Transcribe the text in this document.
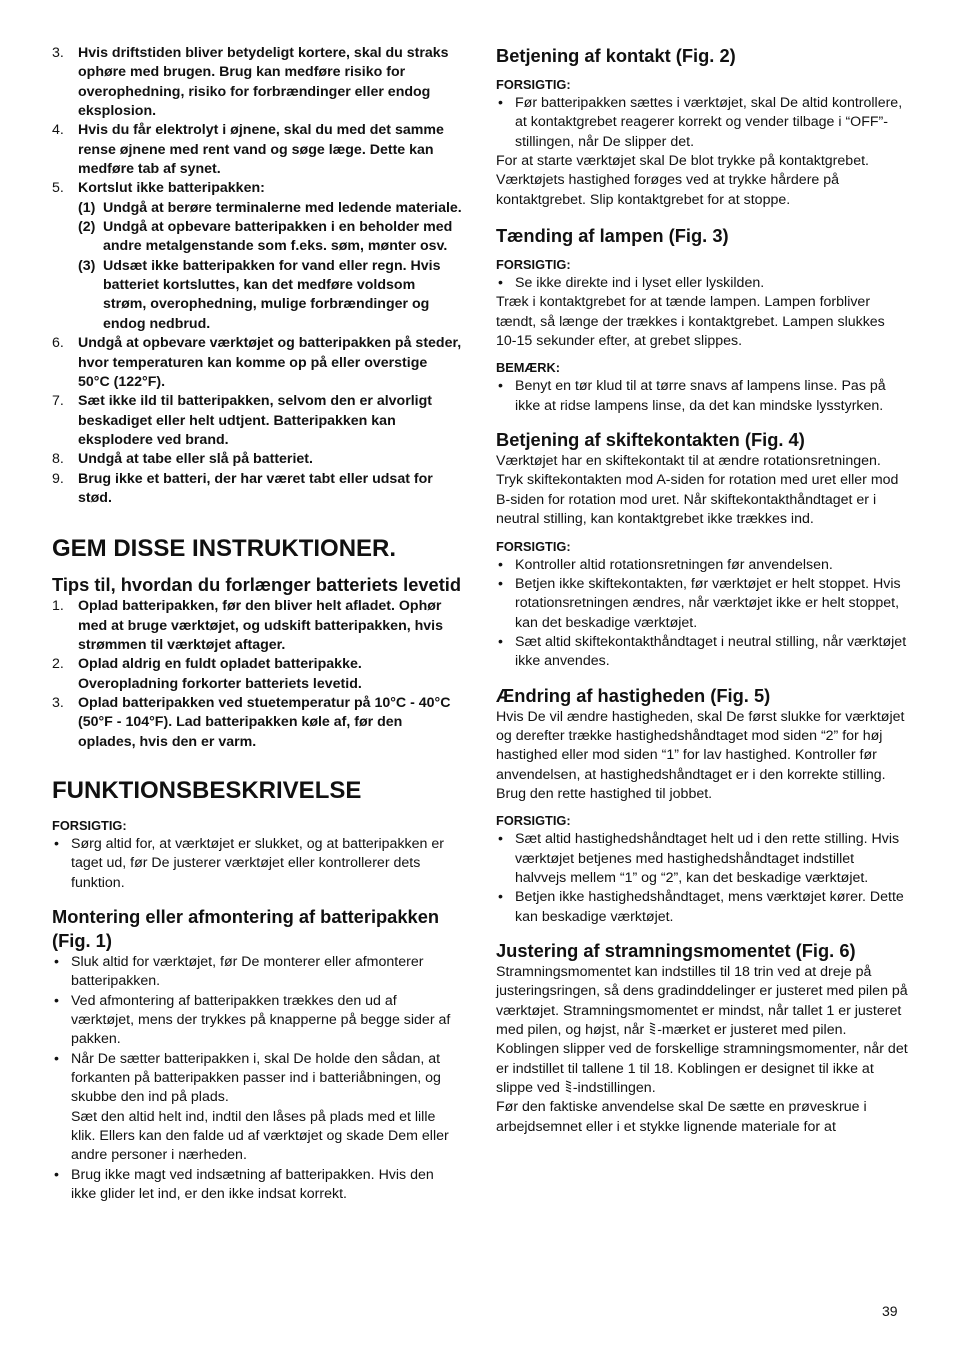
3. Hvis driftstiden bliver betydeligt kortere, skal du straks ophøre med brugen. Brug kan medføre risiko for overophedning, risiko for forbrændinger eller endog eksplosion.
4. Hvis du får elektrolyt i øjnene, skal du med det samme rense øjnene med rent vand og søge læge. Dette kan medføre tab af synet.
5. Kortslut ikke batteripakken:
(1) Undgå at berøre terminalerne med ledende materiale.
(2) Undgå at opbevare batteripakken i en beholder med andre metalgenstande som f.eks. søm, mønter osv.
(3) Udsæt ikke batteripakken for vand eller regn. Hvis batteriet kortsluttes, kan det medføre voldsom strøm, overophedning, mulige forbrændinger og endog nedbrud.
6. Undgå at opbevare værktøjet og batteripakken på steder, hvor temperaturen kan komme op på eller overstige 50°C (122°F).
7. Sæt ikke ild til batteripakken, selvom den er alvorligt beskadiget eller helt udtjent. Batteripakken kan eksplodere ved brand.
8. Undgå at tabe eller slå på batteriet.
9. Brug ikke et batteri, der har været tabt eller udsat for stød.
GEM DISSE INSTRUKTIONER.
Tips til, hvordan du forlænger batteriets levetid
1. Oplad batteripakken, før den bliver helt afladet. Ophør med at bruge værktøjet, og udskift batteripakken, hvis strømmen til værktøjet aftager.
2. Oplad aldrig en fuldt opladet batteripakke. Overopladning forkorter batteriets levetid.
3. Oplad batteripakken ved stuetemperatur på 10°C - 40°C (50°F - 104°F). Lad batteripakken køle af, før den oplades, hvis den er varm.
FUNKTIONSBESKRIVELSE

FORSIGTIG:

• Sørg altid for, at værktøjet er slukket, og at batteripakken er taget ud, før De justerer værktøjet eller kontrollerer dets funktion.
Montering eller afmontering af batteripakken (Fig. 1)
• Sluk altid for værktøjet, før De monterer eller afmonterer batteripakken.
• Ved afmontering af batteripakken trækkes den ud af værktøjet, mens der trykkes på knapperne på begge sider af pakken.
• Når De sætter batteripakken i, skal De holde den sådan, at forkanten på batteripakken passer ind i batteriåbningen, og skubbe den ind på plads.

Sæt den altid helt ind, indtil den låses på plads med et lille klik. Ellers kan den falde ud af værktøjet og skade Dem eller andre personer i nærheden.

• Brug ikke magt ved indsætning af batteripakken. Hvis den ikke glider let ind, er den ikke indsat korrekt.
Betjening af kontakt (Fig. 2)

FORSIGTIG:

• Før batteripakken sættes i værktøjet, skal De altid kontrollere, at kontaktgrebet reagerer korrekt og vender tilbage i “OFF”-stillingen, når De slipper det.

For at starte værktøjet skal De blot trykke på kontaktgrebet. Værktøjets hastighed forøges ved at trykke hårdere på kontaktgrebet. Slip kontaktgrebet for at stoppe.

Tænding af lampen (Fig. 3)

FORSIGTIG:

• Se ikke direkte ind i lyset eller lyskilden.

Træk i kontaktgrebet for at tænde lampen. Lampen forbliver tændt, så længe der trækkes i kontaktgrebet. Lampen slukkes 10-15 sekunder efter, at grebet slippes.

BEMÆRK:

• Benyt en tør klud til at tørre snavs af lampens linse. Pas på ikke at ridse lampens linse, da det kan mindske lysstyrken.
Betjening af skiftekontakten (Fig. 4)

Værktøjet har en skiftekontakt til at ændre rotationsretningen. Tryk skiftekontakten mod A-siden for rotation med uret eller mod B-siden for rotation mod uret. Når skiftekontakthåndtaget er i neutral stilling, kan kontaktgrebet ikke trækkes ind.

FORSIGTIG:

• Kontroller altid rotationsretningen før anvendelsen.
• Betjen ikke skiftekontakten, før værktøjet er helt stoppet. Hvis rotationsretningen ændres, når værktøjet ikke er helt stoppet, kan det beskadige værktøjet.
• Sæt altid skiftekontakthåndtaget i neutral stilling, når værktøjet ikke anvendes.
Ændring af hastigheden (Fig. 5)

Hvis De vil ændre hastigheden, skal De først slukke for værktøjet og derefter trække hastighedshåndtaget mod siden “2” for høj hastighed eller mod siden “1” for lav hastighed. Kontroller før anvendelsen, at hastighedshåndtaget er i den korrekte stilling. Brug den rette hastighed til jobbet.

FORSIGTIG:

• Sæt altid hastighedshåndtaget helt ud i den rette stilling. Hvis værktøjet betjenes med hastighedshåndtaget indstillet halvvejs mellem “1” og “2”, kan det beskadige værktøjet.
• Betjen ikke hastighedshåndtaget, mens værktøjet kører. Dette kan beskadige værktøjet.
Justering af stramningsmomentet (Fig. 6)

Stramningsmomentet kan indstilles til 18 trin ved at dreje på justeringsringen, så dens gradinddelinger er justeret med pilen på værktøjet. Stramningsmomentet er mindst, når tallet 1 er justeret med pilen, og højst, når -mærket er justeret med pilen.

Koblingen slipper ved de forskellige stramningsmomenter, når det er indstillet til tallene 1 til 18. Koblingen er designet til ikke at slippe ved -indstillingen.

Før den faktiske anvendelse skal De sætte en prøveskrue i arbejdsemnet eller i et stykke lignende materiale for at

39
